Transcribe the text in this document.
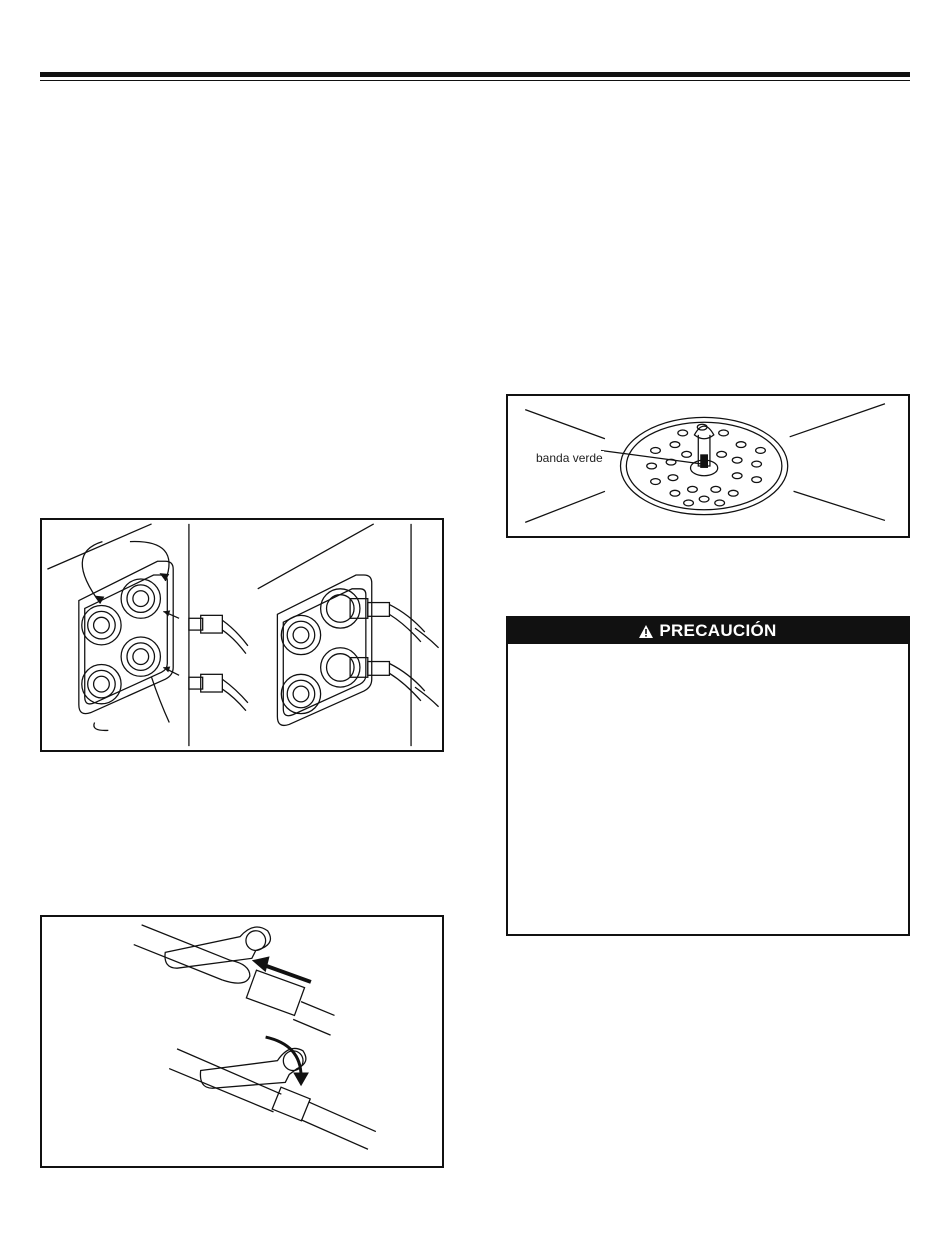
banda verde
PRECAUCIÓN
